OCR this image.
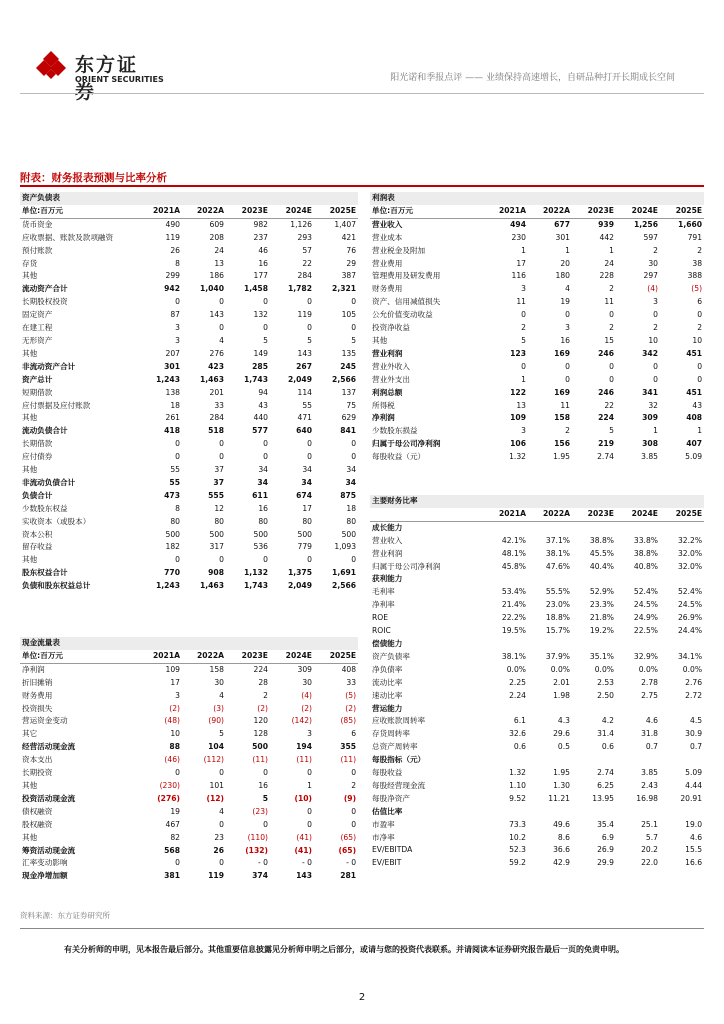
东方证券
ORIENT SECURITIES	阳光诺和季报点评 —— 业绩保持高速增长，自研品种打开长期成长空间
附表：财务报表预测与比率分析
资产负债表					
单位:百万元	2021A	2022A	2023E	2024E	2025E
货币资金	490	609	982	1,126	1,407
应收票据、账款及款项融资	119	208	237	293	421
预付账款	26	24	46	57	76
存货	8	13	16	22	29
其他	299	186	177	284	387
流动资产合计	942	1,040	1,458	1,782	2,321
长期股权投资	0	0	0	0	0
固定资产	87	143	132	119	105
在建工程	3	0	0	0	0
无形资产	3	4	5	5	5
其他	207	276	149	143	135
非流动资产合计	301	423	285	267	245
资产总计	1,243	1,463	1,743	2,049	2,566
短期借款	138	201	94	114	137
应付票据及应付账款	18	33	43	55	75
其他	261	284	440	471	629
流动负债合计	418	518	577	640	841
长期借款	0	0	0	0	0
应付债券	0	0	0	0	0
其他	55	37	34	34	34
非流动负债合计	55	37	34	34	34
负债合计	473	555	611	674	875
少数股东权益	8	12	16	17	18
实收资本（或股本）	80	80	80	80	80
资本公积	500	500	500	500	500
留存收益	182	317	536	779	1,093
其他	0	0	0	0	0
股东权益合计	770	908	1,132	1,375	1,691
负债和股东权益总计	1,243	1,463	1,743	2,049	2,566
现金流量表					
单位:百万元	2021A	2022A	2023E	2024E	2025E
净利润	109	158	224	309	408
折旧摊销	17	30	28	30	33
财务费用	3	4	2	(4)	(5)
投资损失	(2)	(3)	(2)	(2)	(2)
营运资金变动	(48)	(90)	120	(142)	(85)
其它	10	5	128	3	6
经营活动现金流	88	104	500	194	355
资本支出	(46)	(112)	(11)	(11)	(11)
长期投资	0	0	0	0	0
其他	(230)	101	16	1	2
投资活动现金流	(276)	(12)	5	(10)	(9)
债权融资	19	4	(23)	0	0
股权融资	467	0	0	0	0
其他	82	23	(110)	(41)	(65)
筹资活动现金流	568	26	(132)	(41)	(65)
汇率变动影响	0	0	- 0	- 0	- 0
现金净增加额	381	119	374	143	281
利润表					
单位:百万元	2021A	2022A	2023E	2024E	2025E
营业收入	494	677	939	1,256	1,660
营业成本	230	301	442	597	791
营业税金及附加	1	1	1	2	2
营业费用	17	20	24	30	38
管理费用及研发费用	116	180	228	297	388
财务费用	3	4	2	(4)	(5)
资产、信用减值损失	11	19	11	3	6
公允价值变动收益	0	0	0	0	0
投资净收益	2	3	2	2	2
其他	5	16	15	10	10
营业利润	123	169	246	342	451
营业外收入	0	0	0	0	0
营业外支出	1	0	0	0	0
利润总额	122	169	246	341	451
所得税	13	11	22	32	43
净利润	109	158	224	309	408
少数股东损益	3	2	5	1	1
归属于母公司净利润	106	156	219	308	407
每股收益（元）	1.32	1.95	2.74	3.85	5.09
主要财务比率					
	2021A	2022A	2023E	2024E	2025E
成长能力					
营业收入	42.1%	37.1%	38.8%	33.8%	32.2%
营业利润	48.1%	38.1%	45.5%	38.8%	32.0%
归属于母公司净利润	45.8%	47.6%	40.4%	40.8%	32.0%
获利能力					
毛利率	53.4%	55.5%	52.9%	52.4%	52.4%
净利率	21.4%	23.0%	23.3%	24.5%	24.5%
ROE	22.2%	18.8%	21.8%	24.9%	26.9%
ROIC	19.5%	15.7%	19.2%	22.5%	24.4%
偿债能力					
资产负债率	38.1%	37.9%	35.1%	32.9%	34.1%
净负债率	0.0%	0.0%	0.0%	0.0%	0.0%
流动比率	2.25	2.01	2.53	2.78	2.76
速动比率	2.24	1.98	2.50	2.75	2.72
营运能力					
应收账款周转率	6.1	4.3	4.2	4.6	4.5
存货周转率	32.6	29.6	31.4	31.8	30.9
总资产周转率	0.6	0.5	0.6	0.7	0.7
每股指标（元）					
每股收益	1.32	1.95	2.74	3.85	5.09
每股经营现金流	1.10	1.30	6.25	2.43	4.44
每股净资产	9.52	11.21	13.95	16.98	20.91
估值比率					
市盈率	73.3	49.6	35.4	25.1	19.0
市净率	10.2	8.6	6.9	5.7	4.6
EV/EBITDA	52.3	36.6	26.9	20.2	15.5
EV/EBIT	59.2	42.9	29.9	22.0	16.6
资料来源：东方证券研究所
有关分析师的申明，见本报告最后部分。其他重要信息披露见分析师申明之后部分，或请与您的投资代表联系。并请阅读本证券研究报告最后一页的免责申明。
2
